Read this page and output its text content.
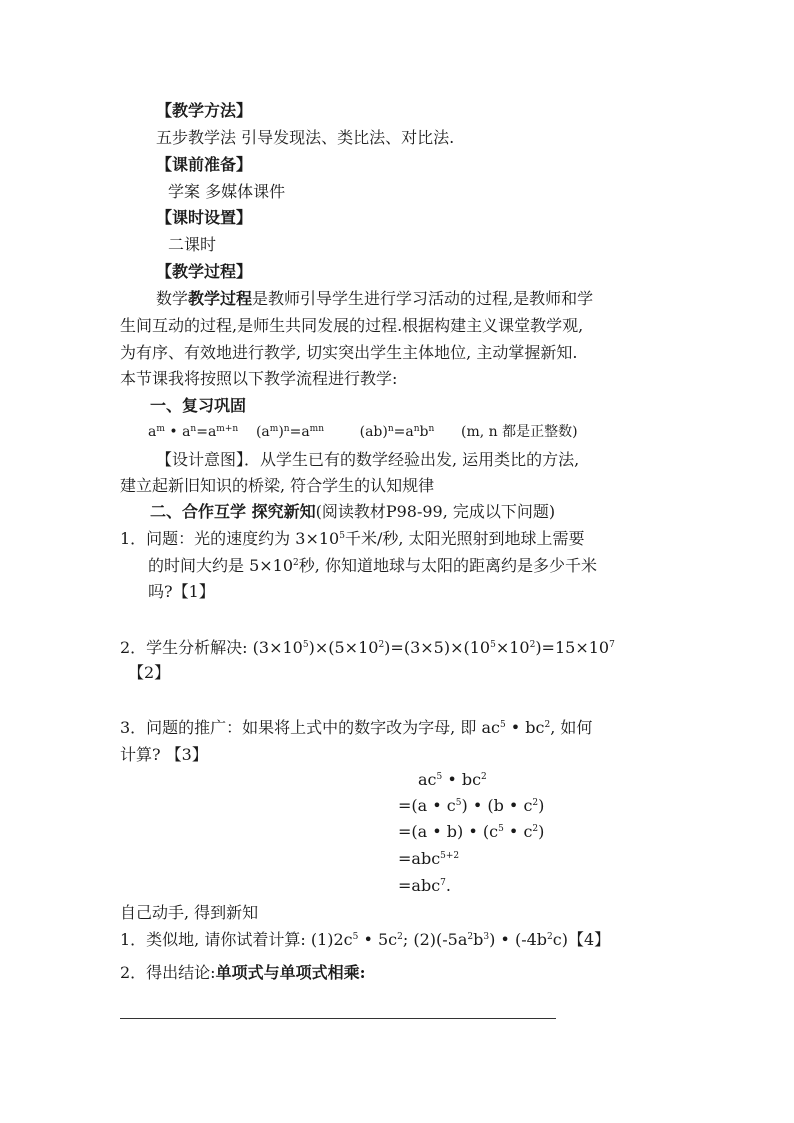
【教学方法】
五步教学法 引导发现法、类比法、对比法.
【课前准备】
学案 多媒体课件
【课时设置】
二课时
【教学过程】
数学教学过程是教师引导学生进行学习活动的过程,是教师和学
生间互动的过程,是师生共同发展的过程.根据构建主义课堂教学观,
为有序、有效地进行教学, 切实突出学生主体地位, 主动掌握新知.
本节课我将按照以下教学流程进行教学:
一、复习巩固
$a^m$ • $a^n=a^{m+n}$    $(a^m)^n=a^{mn}$        $(ab)^n=a^nb^n$      (m, n 都是正整数)
【设计意图】．从学生已有的数学经验出发, 运用类比的方法,
建立起新旧知识的桥梁, 符合学生的认知规律
二、合作互学 探究新知(阅读教材P98-99, 完成以下问题)
1．问题：光的速度约为 $3\times 10^5$千米/秒, 太阳光照射到地球上需要
的时间大约是 $5\times 10^2$秒, 你知道地球与太阳的距离约是多少千米
吗?【1】
2．学生分析解决: $(3\times 10^5)\times(5\times 10^2)=(3\times 5)\times(10^5\times 10^2)=15\times 10^7$
【2】
3．问题的推广：如果将上式中的数字改为字母, 即 $ac^5$ • $bc^2$, 如何
计算? 【3】
$ac^5$ • $bc^2$
=(a • $c^5$) • (b • $c^2$)
=(a • b) • ($c^5$ • $c^2$)
=abc$^{5+2}$
=abc$^7$.
自己动手, 得到新知
1．类似地, 请你试着计算: $(1)2c^5$ • $5c^2$; $(2)(-5a^2b^3)$ • $(-4b^2c)$【4】
2．得出结论:单项式与单项式相乘:
